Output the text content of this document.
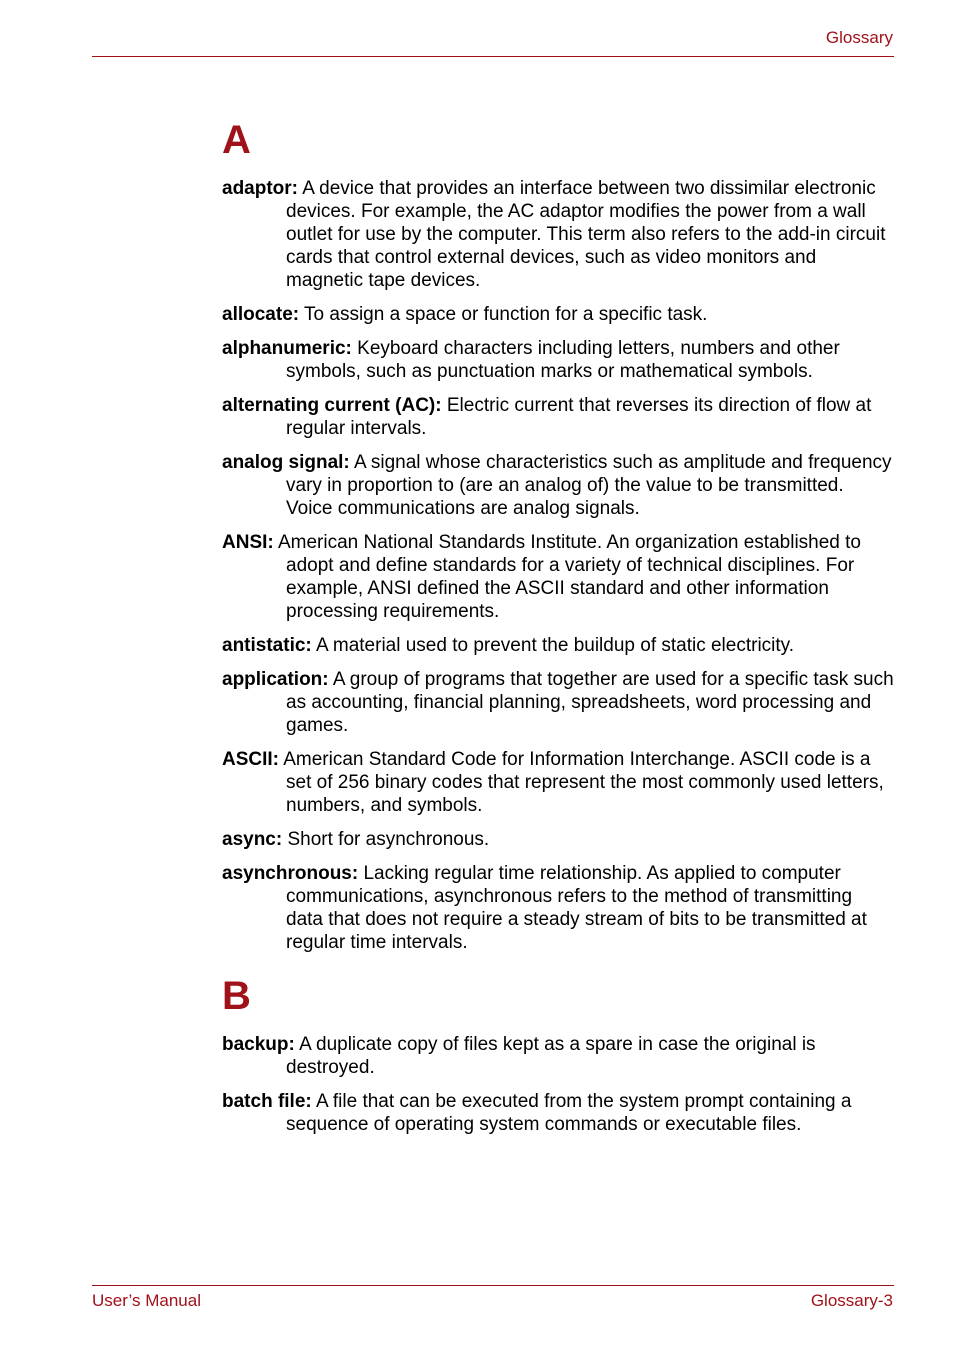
Glossary
A

adaptor: A device that provides an interface between two dissimilar electronic devices. For example, the AC adaptor modifies the power from a wall outlet for use by the computer. This term also refers to the add-in circuit cards that control external devices, such as video monitors and magnetic tape devices.

allocate: To assign a space or function for a specific task.

alphanumeric: Keyboard characters including letters, numbers and other symbols, such as punctuation marks or mathematical symbols.

alternating current (AC): Electric current that reverses its direction of flow at regular intervals.

analog signal: A signal whose characteristics such as amplitude and frequency vary in proportion to (are an analog of) the value to be transmitted. Voice communications are analog signals.

ANSI: American National Standards Institute. An organization established to adopt and define standards for a variety of technical disciplines. For example, ANSI defined the ASCII standard and other information processing requirements.

antistatic: A material used to prevent the buildup of static electricity.

application: A group of programs that together are used for a specific task such as accounting, financial planning, spreadsheets, word processing and games.

ASCII: American Standard Code for Information Interchange. ASCII code is a set of 256 binary codes that represent the most commonly used letters, numbers, and symbols.

async: Short for asynchronous.

asynchronous: Lacking regular time relationship. As applied to computer communications, asynchronous refers to the method of transmitting data that does not require a steady stream of bits to be transmitted at regular time intervals.

B

backup: A duplicate copy of files kept as a spare in case the original is destroyed.

batch file: A file that can be executed from the system prompt containing a sequence of operating system commands or executable files.

User’s Manual	Glossary-3
